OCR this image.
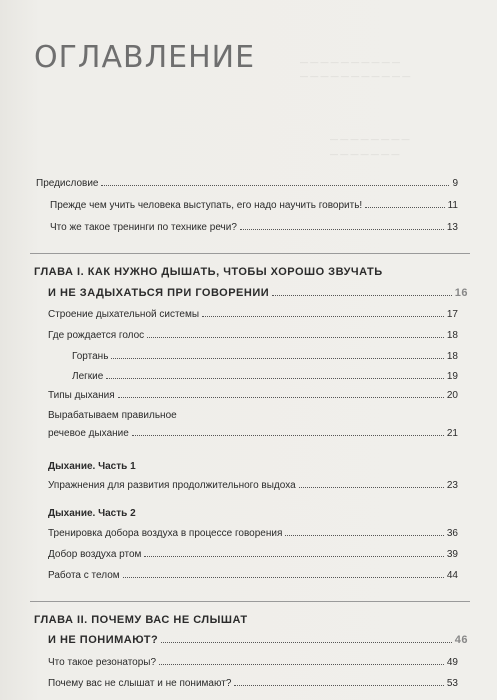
— — — — — — — — — —
— — — — — — — — — — —
— — — — — — — —
— — — — — — —
ОГЛАВЛЕНИЕ
Предисловие	9
Прежде чем учить человека выступать, его надо научить говорить!	11
Что же такое тренинги по технике речи?	13
ГЛАВА I. КАК НУЖНО ДЫШАТЬ, ЧТОБЫ ХОРОШО ЗВУЧАТЬ
И НЕ ЗАДЫХАТЬСЯ ПРИ ГОВОРЕНИИ	16
Строение дыхательной системы	17
Где рождается голос	18
Гортань	18
Легкие	19
Типы дыхания	20
Вырабатываем правильное
речевое дыхание	21
Дыхание. Часть 1
Упражнения для развития продолжительного выдоха	23
Дыхание. Часть 2
Тренировка добора воздуха в процессе говорения	36
Добор воздуха ртом	39
Работа с телом	44
ГЛАВА II. ПОЧЕМУ ВАС НЕ СЛЫШАТ
И НЕ ПОНИМАЮТ?	46
Что такое резонаторы?	49
Почему вас не слышат и не понимают?	53
